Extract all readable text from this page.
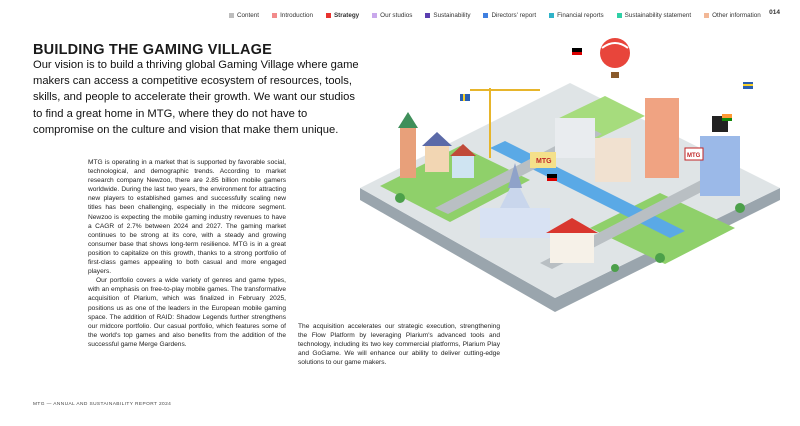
Content	Introduction	Strategy	Our studios	Sustainability	Directors' report	Financial reports	Sustainability statement	Other information 014
BUILDING THE GAMING VILLAGE

Our vision is to build a thriving global Gaming Village where game makers can access a competitive ecosystem of resources, tools, skills, and people to accelerate their growth. We want our studios to find a great home in MTG, where they do not have to compromise on the culture and vision that make them unique.

MTG is operating in a market that is supported by favorable social, technological, and demographic trends. According to market research company Newzoo, there are 2.85 billion mobile gamers worldwide. During the last two years, the environment for attracting new players to established games and successfully scaling new titles has been challenging, especially in the midcore segment. Newzoo is expecting the mobile gaming industry revenues to have a CAGR of 2.7% between 2024 and 2027. The gaming market continues to be strong at its core, with a steady and growing consumer base that shows long-term resilience. MTG is in a great position to capitalize on this growth, thanks to a strong portfolio of first-class games appealing to both casual and more engaged players.

Our portfolio covers a wide variety of genres and game types, with an emphasis on free-to-play mobile games. The transformative acquisition of Plarium, which was finalized in February 2025, positions us as one of the leaders in the European mobile gaming space. The addition of RAID: Shadow Legends further strengthens our midcore portfolio. Our casual portfolio, which features some of the world's top games and also benefits from the addition of the successful game Merge Gardens.

The acquisition accelerates our strategic execution, strengthening the Flow Platform by leveraging Plarium's advanced tools and technology, including its two key commercial platforms, Plarium Play and GoGame. We will enhance our ability to deliver cutting-edge solutions to our game makers.

MTG
MTG
MTG — ANNUAL AND SUSTAINABILITY REPORT 2024
